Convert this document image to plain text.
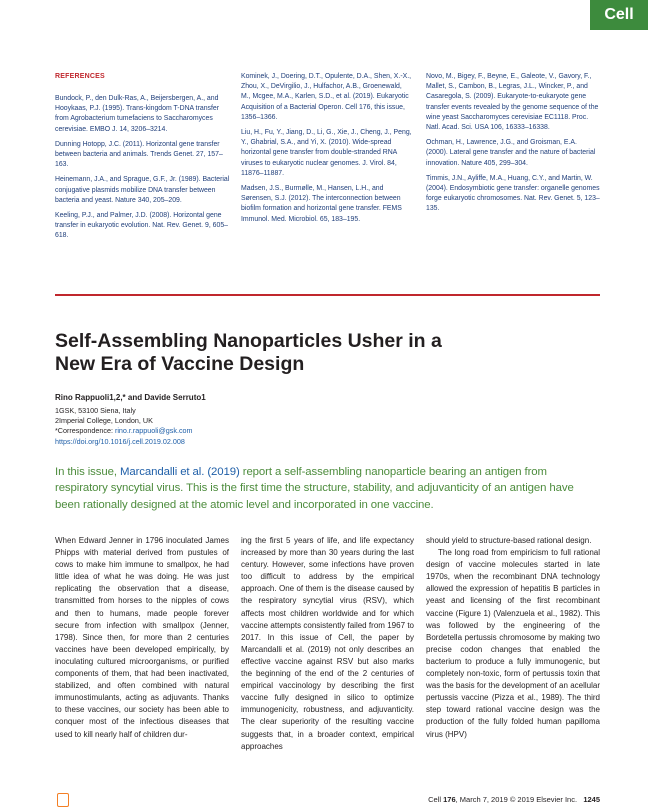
Cell
REFERENCES

Bundock, P., den Dulk-Ras, A., Beijersbergen, A., and Hooykaas, P.J. (1995). Trans-kingdom T-DNA transfer from Agrobacterium tumefaciens to Saccharomyces cerevisiae. EMBO J. 14, 3206–3214.

Dunning Hotopp, J.C. (2011). Horizontal gene transfer between bacteria and animals. Trends Genet. 27, 157–163.

Heinemann, J.A., and Sprague, G.F., Jr. (1989). Bacterial conjugative plasmids mobilize DNA transfer between bacteria and yeast. Nature 340, 205–209.

Keeling, P.J., and Palmer, J.D. (2008). Horizontal gene transfer in eukaryotic evolution. Nat. Rev. Genet. 9, 605–618.

Kominek, J., Doering, D.T., Opulente, D.A., Shen, X.-X., Zhou, X., DeVirgilio, J., Hulfachor, A.B., Groenewald, M., Mcgee, M.A., Karlen, S.D., et al. (2019). Eukaryotic Acquisition of a Bacterial Operon. Cell 176, this issue, 1356–1366.

Liu, H., Fu, Y., Jiang, D., Li, G., Xie, J., Cheng, J., Peng, Y., Ghabrial, S.A., and Yi, X. (2010). Wide-spread horizontal gene transfer from double-stranded RNA viruses to eukaryotic nuclear genomes. J. Virol. 84, 11876–11887.

Madsen, J.S., Burmølle, M., Hansen, L.H., and Sørensen, S.J. (2012). The interconnection between biofilm formation and horizontal gene transfer. FEMS Immunol. Med. Microbiol. 65, 183–195.

Novo, M., Bigey, F., Beyne, E., Galeote, V., Gavory, F., Mallet, S., Cambon, B., Legras, J.L., Wincker, P., and Casaregola, S. (2009). Eukaryote-to-eukaryote gene transfer events revealed by the genome sequence of the wine yeast Saccharomyces cerevisiae EC1118. Proc. Natl. Acad. Sci. USA 106, 16333–16338.

Ochman, H., Lawrence, J.G., and Groisman, E.A. (2000). Lateral gene transfer and the nature of bacterial innovation. Nature 405, 299–304.

Timmis, J.N., Ayliffe, M.A., Huang, C.Y., and Martin, W. (2004). Endosymbiotic gene transfer: organelle genomes forge eukaryotic chromosomes. Nat. Rev. Genet. 5, 123–135.

Self-Assembling Nanoparticles Usher in a New Era of Vaccine Design
Rino Rappuoli1,2,* and Davide Serruto1
1GSK, 53100 Siena, Italy
2Imperial College, London, UK
*Correspondence: rino.r.rappuoli@gsk.com
https://doi.org/10.1016/j.cell.2019.02.008
In this issue, Marcandalli et al. (2019) report a self-assembling nanoparticle bearing an antigen from respiratory syncytial virus. This is the first time the structure, stability, and adjuvanticity of an antigen have been rationally designed at the atomic level and incorporated in one vaccine.

When Edward Jenner in 1796 inoculated James Phipps with material derived from pustules of cows to make him immune to smallpox, he had little idea of what he was doing. He was just replicating the observation that a disease, transmitted from horses to the nipples of cows and then to humans, made people forever secure from infection with smallpox (Jenner, 1798). Since then, for more than 2 centuries vaccines have been developed empirically, by inoculating cultured microorganisms, or purified components of them, that had been inactivated, stabilized, and often combined with natural immunostimulants, acting as adjuvants. Thanks to these vaccines, our society has been able to conquer most of the infectious diseases that used to kill nearly half of children dur-

ing the first 5 years of life, and life expectancy increased by more than 30 years during the last century. However, some infections have proven too difficult to address by the empirical approach. One of them is the disease caused by the respiratory syncytial virus (RSV), which affects most children worldwide and for which vaccine attempts consistently failed from 1967 to 2017. In this issue of Cell, the paper by Marcandalli et al. (2019) not only describes an effective vaccine against RSV but also marks the beginning of the end of the 2 centuries of empirical vaccinology by describing the first vaccine fully designed in silico to optimize immunogenicity, robustness, and adjuvanticity. The clear superiority of the resulting vaccine suggests that, in a broader context, empirical approaches

should yield to structure-based rational design.

The long road from empiricism to full rational design of vaccine molecules started in late 1970s, when the recombinant DNA technology allowed the expression of hepatitis B particles in yeast and licensing of the first recombinant vaccine (Figure 1) (Valenzuela et al., 1982). This was followed by the engineering of the Bordetella pertussis chromosome by making two precise codon changes that enabled the bacterium to produce a fully immunogenic, but completely non-toxic, form of pertussis toxin that was the basis for the development of an acellular pertussis vaccine (Pizza et al., 1989). The third step toward rational vaccine design was the production of the fully folded human papilloma virus (HPV)

Cell 176, March 7, 2019 © 2019 Elsevier Inc. 1245
